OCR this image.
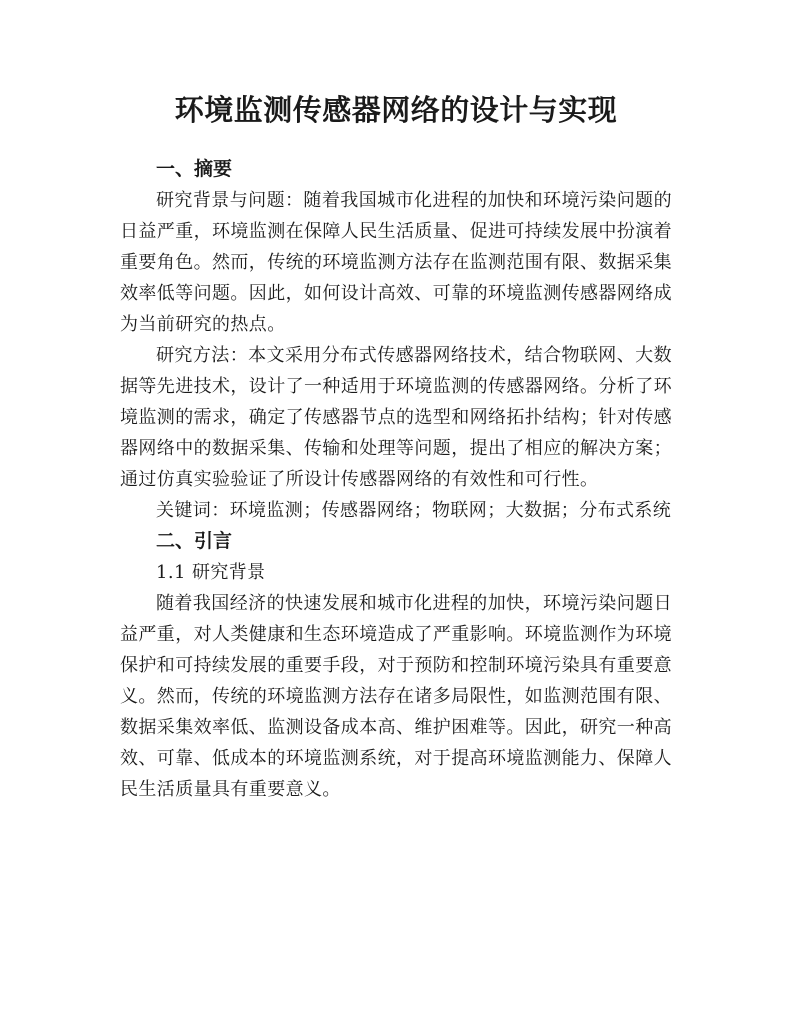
环境监测传感器网络的设计与实现
一、摘要

研究背景与问题：随着我国城市化进程的加快和环境污染问题的日益严重，环境监测在保障人民生活质量、促进可持续发展中扮演着重要角色。然而，传统的环境监测方法存在监测范围有限、数据采集效率低等问题。因此，如何设计高效、可靠的环境监测传感器网络成为当前研究的热点。

研究方法：本文采用分布式传感器网络技术，结合物联网、大数据等先进技术，设计了一种适用于环境监测的传感器网络。分析了环境监测的需求，确定了传感器节点的选型和网络拓扑结构；针对传感器网络中的数据采集、传输和处理等问题，提出了相应的解决方案；通过仿真实验验证了所设计传感器网络的有效性和可行性。

关键词：环境监测；传感器网络；物联网；大数据；分布式系统

二、引言

1.1 研究背景

随着我国经济的快速发展和城市化进程的加快，环境污染问题日益严重，对人类健康和生态环境造成了严重影响。环境监测作为环境保护和可持续发展的重要手段，对于预防和控制环境污染具有重要意义。然而，传统的环境监测方法存在诸多局限性，如监测范围有限、数据采集效率低、监测设备成本高、维护困难等。因此，研究一种高效、可靠、低成本的环境监测系统，对于提高环境监测能力、保障人民生活质量具有重要意义。
